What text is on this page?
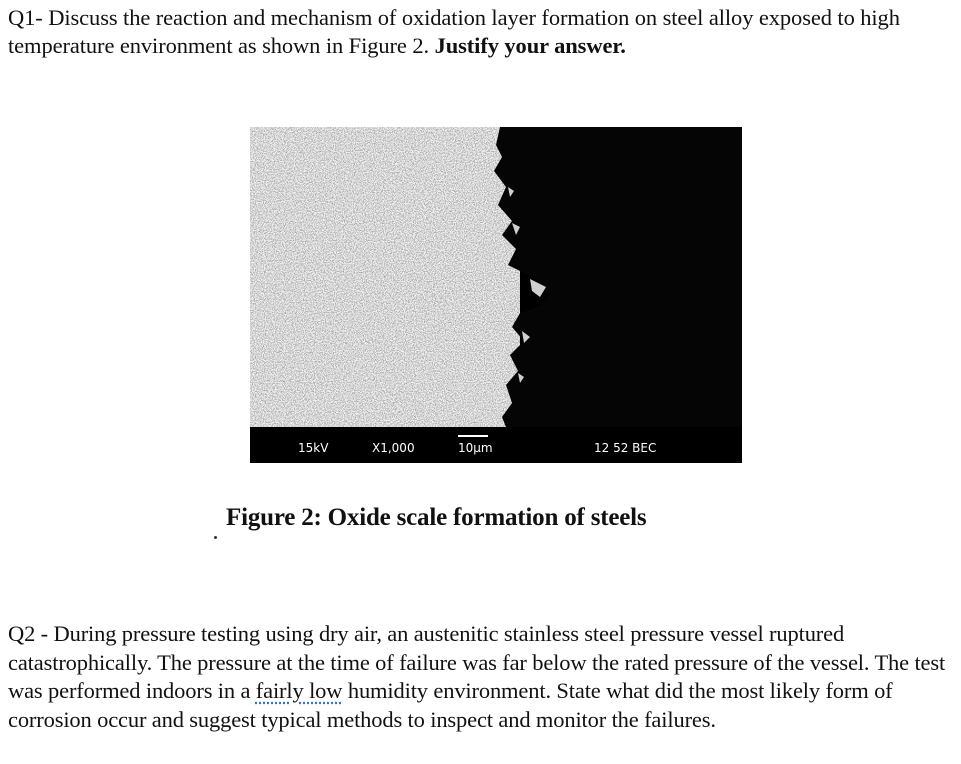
Q1- Discuss the reaction and mechanism of oxidation layer formation on steel alloy exposed to high temperature environment as shown in Figure 2. Justify your answer.
15kV	X1,000	10μm	12 52 BEC
Figure 2: Oxide scale formation of steels
Q2 - During pressure testing using dry air, an austenitic stainless steel pressure vessel ruptured catastrophically. The pressure at the time of failure was far below the rated pressure of the vessel. The test was performed indoors in a fairly low humidity environment. State what did the most likely form of corrosion occur and suggest typical methods to inspect and monitor the failures.
